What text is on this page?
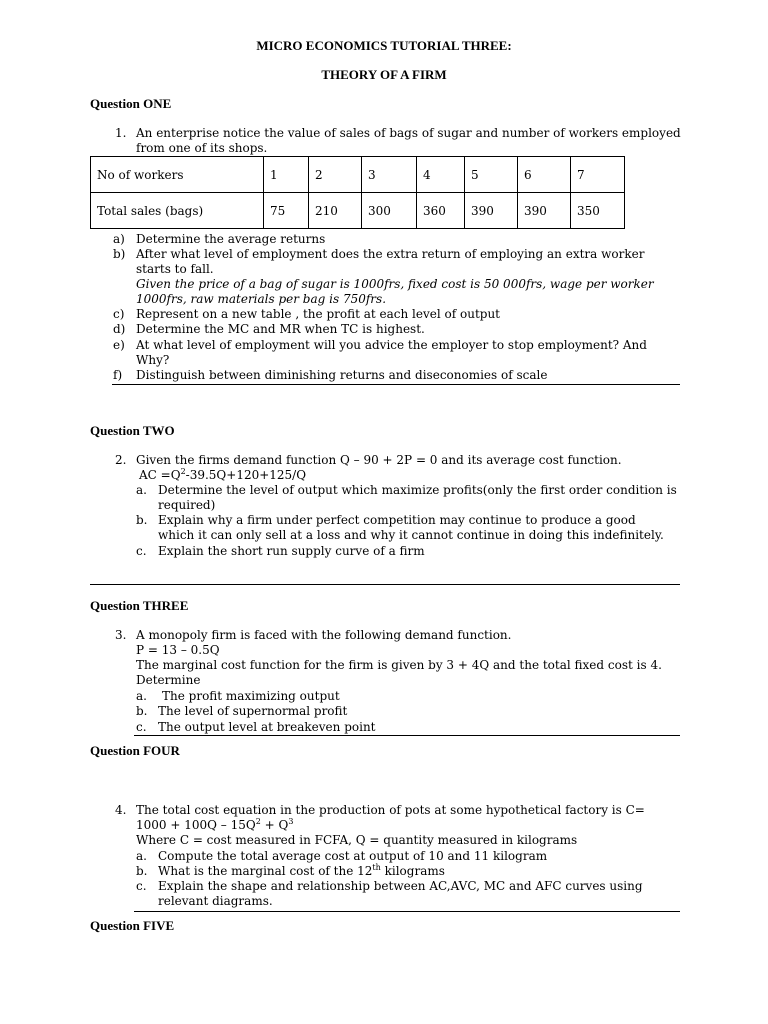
MICRO ECONOMICS TUTORIAL THREE:
THEORY OF A FIRM
Question ONE
1. An enterprise notice the value of sales of bags of sugar and number of workers employed
from one of its shops.
No of workers	1	2	3	4	5	6	7
Total sales (bags)	75	210	300	360	390	390	350
a) Determine the average returns
b) After what level of employment does the extra return of employing an extra worker
starts to fall.
Given the price of a bag of sugar is 1000frs, fixed cost is 50 000frs, wage per worker
1000frs, raw materials per bag is 750frs.
c) Represent on a new table , the profit at each level of output
d) Determine the MC and MR when TC is highest.
e) At what level of employment will you advice the employer to stop employment? And
Why?
f) Distinguish between diminishing returns and diseconomies of scale
Question TWO
2. Given the firms demand function Q – 90 + 2P = 0 and its average cost function.
AC $=Q^2-39.5Q+120+125/Q$
a. Determine the level of output which maximize profits(only the first order condition is
required)
b. Explain why a firm under perfect competition may continue to produce a good
which it can only sell at a loss and why it cannot continue in doing this indefinitely.
c. Explain the short run supply curve of a firm
Question THREE
3. A monopoly firm is faced with the following demand function.
P = 13 – 0.5Q
The marginal cost function for the firm is given by 3 + 4Q and the total fixed cost is 4.
Determine
a. The profit maximizing output
b. The level of supernormal profit
c. The output level at breakeven point
Question FOUR
4. The total cost equation in the production of pots at some hypothetical factory is C=
$1000 + 100Q - 15Q^2 + Q^3$
Where C = cost measured in FCFA, Q = quantity measured in kilograms
a. Compute the total average cost at output of 10 and 11 kilogram
b. What is the marginal cost of the 12th kilograms
c. Explain the shape and relationship between AC,AVC, MC and AFC curves using
relevant diagrams.
Question FIVE
